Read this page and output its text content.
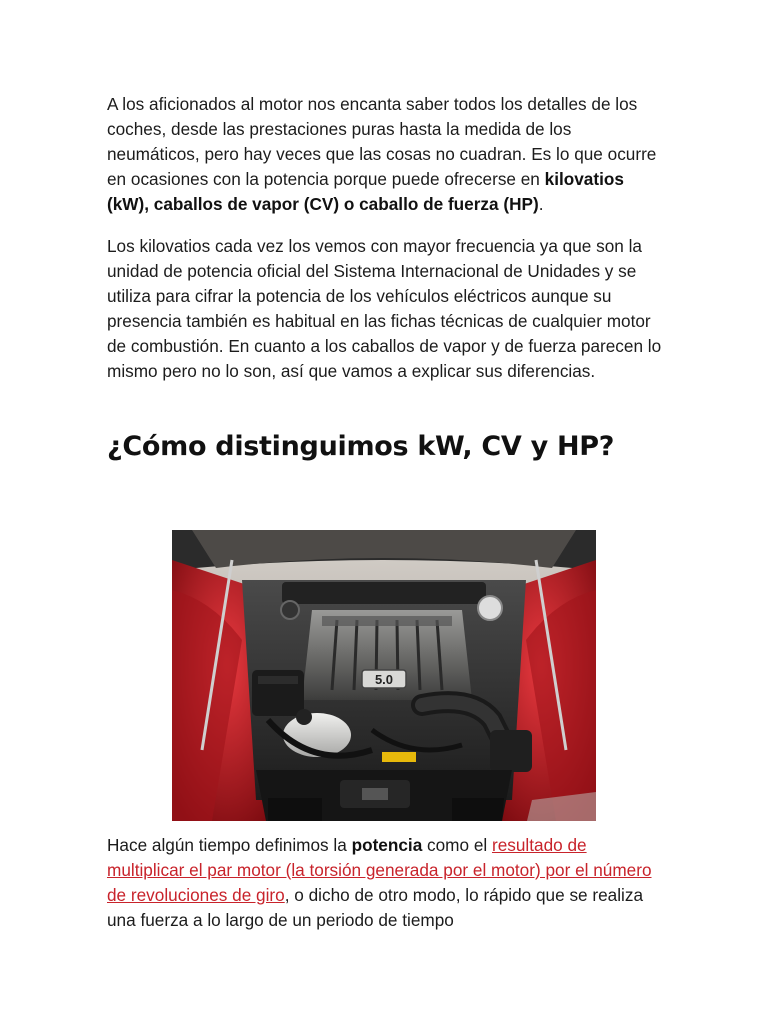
A los aficionados al motor nos encanta saber todos los detalles de los coches, desde las prestaciones puras hasta la medida de los neumáticos, pero hay veces que las cosas no cuadran. Es lo que ocurre en ocasiones con la potencia porque puede ofrecerse en kilovatios (kW), caballos de vapor (CV) o caballo de fuerza (HP).

Los kilovatios cada vez los vemos con mayor frecuencia ya que son la unidad de potencia oficial del Sistema Internacional de Unidades y se utiliza para cifrar la potencia de los vehículos eléctricos aunque su presencia también es habitual en las fichas técnicas de cualquier motor de combustión. En cuanto a los caballos de vapor y de fuerza parecen lo mismo pero no lo son, así que vamos a explicar sus diferencias.

¿Cómo distinguimos kW, CV y HP?
5.0

Hace algún tiempo definimos la potencia como el resultado de multiplicar el par motor (la torsión generada por el motor) por el número de revoluciones de giro, o dicho de otro modo, lo rápido que se realiza una fuerza a lo largo de un periodo de tiempo
